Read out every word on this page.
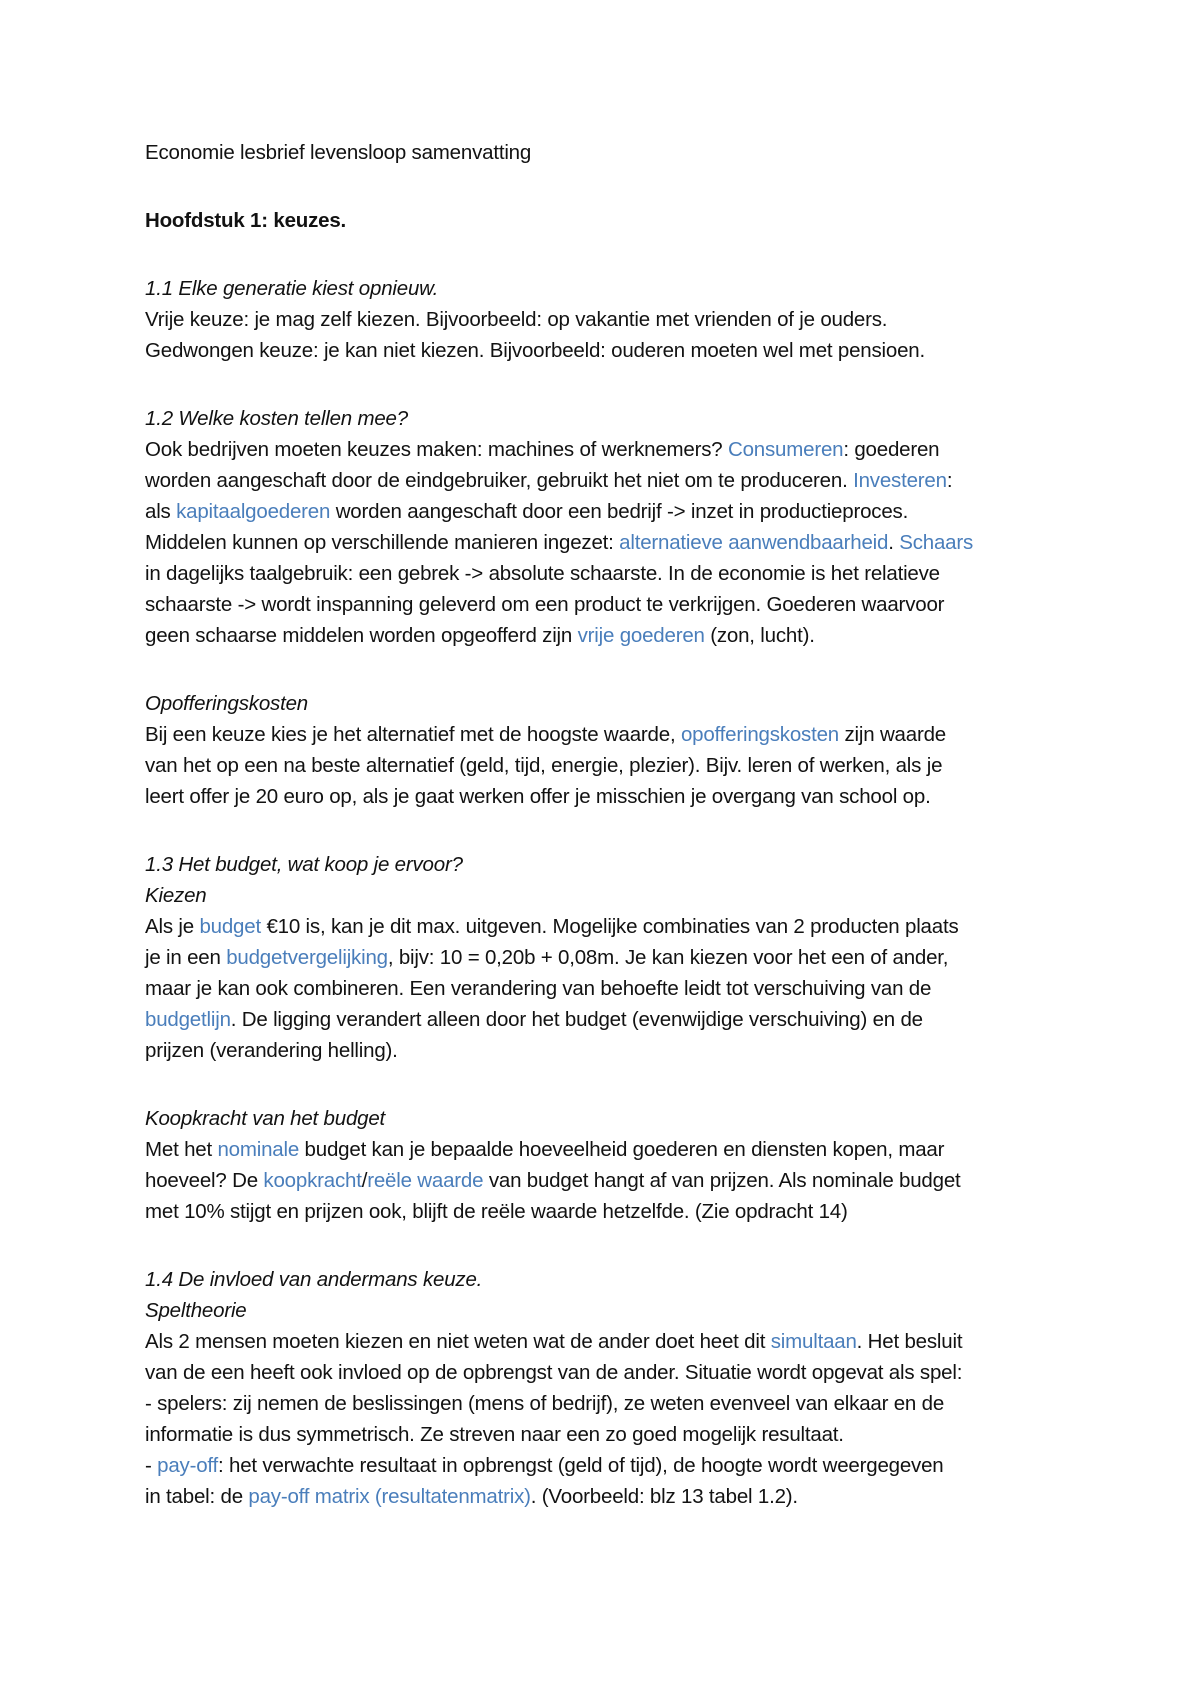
Economie lesbrief levensloop samenvatting

Hoofdstuk 1: keuzes.

1.1 Elke generatie kiest opnieuw.
Vrije keuze: je mag zelf kiezen. Bijvoorbeeld: op vakantie met vrienden of je ouders.
Gedwongen keuze: je kan niet kiezen. Bijvoorbeeld: ouderen moeten wel met pensioen.

1.2 Welke kosten tellen mee?
Ook bedrijven moeten keuzes maken: machines of werknemers? Consumeren: goederen
worden aangeschaft door de eindgebruiker, gebruikt het niet om te produceren. Investeren:
als kapitaalgoederen worden aangeschaft door een bedrijf -> inzet in productieproces.
Middelen kunnen op verschillende manieren ingezet: alternatieve aanwendbaarheid. Schaars
in dagelijks taalgebruik: een gebrek -> absolute schaarste. In de economie is het relatieve
schaarste -> wordt inspanning geleverd om een product te verkrijgen. Goederen waarvoor
geen schaarse middelen worden opgeofferd zijn vrije goederen (zon, lucht).

Opofferingskosten
Bij een keuze kies je het alternatief met de hoogste waarde, opofferingskosten zijn waarde
van het op een na beste alternatief (geld, tijd, energie, plezier). Bijv. leren of werken, als je
leert offer je 20 euro op, als je gaat werken offer je misschien je overgang van school op.

1.3 Het budget, wat koop je ervoor?
Kiezen
Als je budget €10 is, kan je dit max. uitgeven. Mogelijke combinaties van 2 producten plaats
je in een budgetvergelijking, bijv: 10 = 0,20b + 0,08m. Je kan kiezen voor het een of ander,
maar je kan ook combineren. Een verandering van behoefte leidt tot verschuiving van de
budgetlijn. De ligging verandert alleen door het budget (evenwijdige verschuiving) en de
prijzen (verandering helling).

Koopkracht van het budget
Met het nominale budget kan je bepaalde hoeveelheid goederen en diensten kopen, maar
hoeveel? De koopkracht/reële waarde van budget hangt af van prijzen. Als nominale budget
met 10% stijgt en prijzen ook, blijft de reële waarde hetzelfde. (Zie opdracht 14)

1.4 De invloed van andermans keuze.
Speltheorie
Als 2 mensen moeten kiezen en niet weten wat de ander doet heet dit simultaan. Het besluit
van de een heeft ook invloed op de opbrengst van de ander. Situatie wordt opgevat als spel:
- spelers: zij nemen de beslissingen (mens of bedrijf), ze weten evenveel van elkaar en de
informatie is dus symmetrisch. Ze streven naar een zo goed mogelijk resultaat.
- pay-off: het verwachte resultaat in opbrengst (geld of tijd), de hoogte wordt weergegeven
in tabel: de pay-off matrix (resultatenmatrix). (Voorbeeld: blz 13 tabel 1.2).
